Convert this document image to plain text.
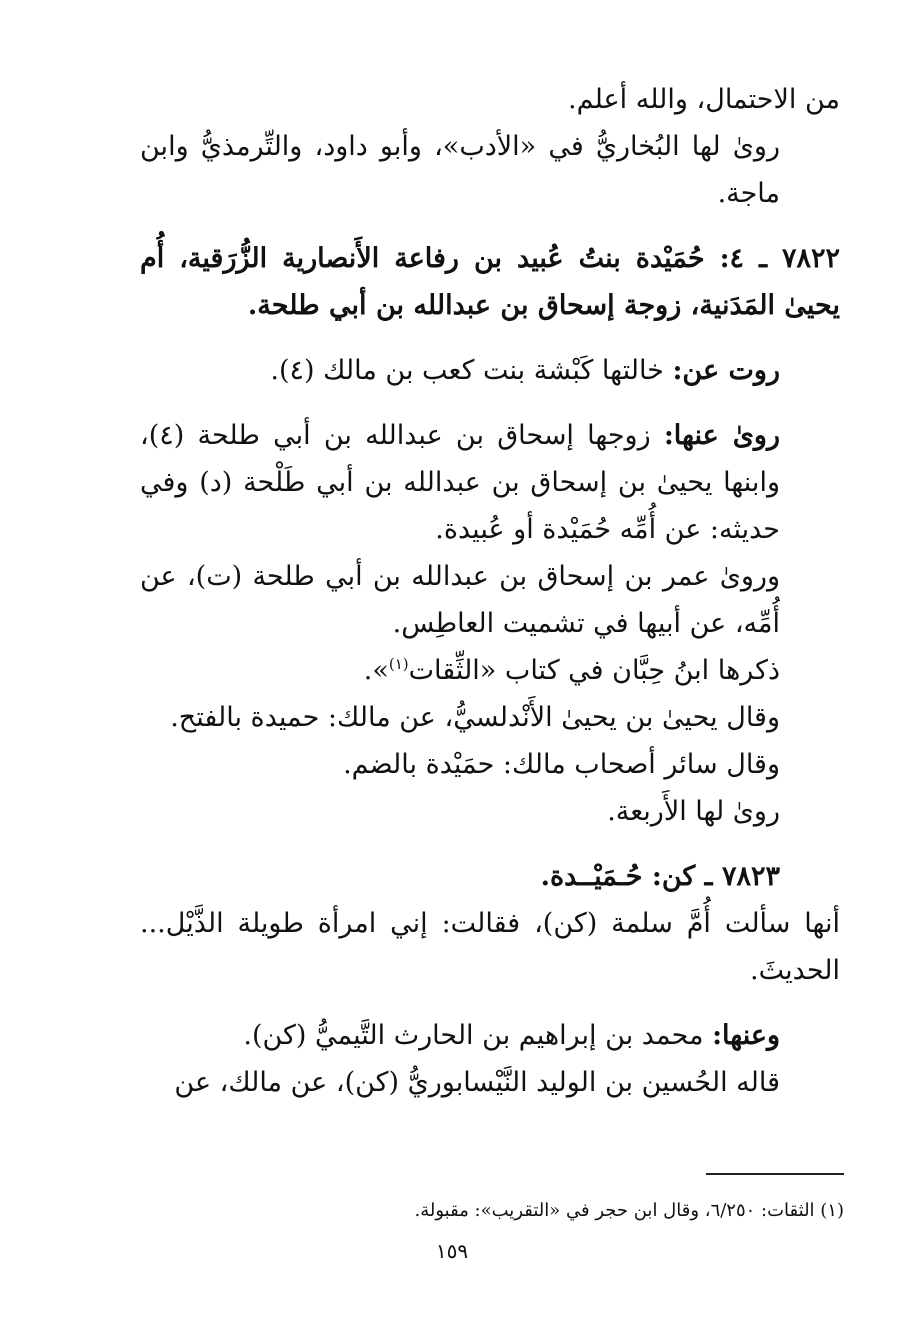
من الاحتمال، والله أعلم.

روىٰ لها البُخاريُّ في «الأدب»، وأبو داود، والتِّرمذيُّ وابن ماجة.

٧٨٢٢ ـ ٤: حُمَيْدة بنتُ عُبيد بن رفاعة الأَنصارية الزُّرَقية، أُم يحيىٰ المَدَنية، زوجة إسحاق بن عبدالله بن أبي طلحة.

روت عن: خالتها كَبْشة بنت كعب بن مالك (٤).

روىٰ عنها: زوجها إسحاق بن عبدالله بن أبي طلحة (٤)، وابنها يحيىٰ بن إسحاق بن عبدالله بن أبي طَلْحة (د) وفي حديثه: عن أُمِّه حُمَيْدة أو عُبيدة.

وروىٰ عمر بن إسحاق بن عبدالله بن أبي طلحة (ت)، عن أُمِّه، عن أبيها في تشميت العاطِس.

ذكرها ابنُ حِبَّان في كتاب «الثِّقات$^{(١)}$».

وقال يحيىٰ بن يحيىٰ الأَنْدلسيُّ، عن مالك: حميدة بالفتح.

وقال سائر أصحاب مالك: حمَيْدة بالضم.

روىٰ لها الأَربعة.

٧٨٢٣ ـ كن: حُـمَيْــدة.

أنها سألت أُمَّ سلمة (كن)، فقالت: إني امرأة طويلة الذَّيْل... الحديثَ.

وعنها: محمد بن إبراهيم بن الحارث التَّيميُّ (كن).

قاله الحُسين بن الوليد النَّيْسابوريُّ (كن)، عن مالك، عن

(١) الثقات: ٦/٢٥٠، وقال ابن حجر في «التقريب»: مقبولة.
١٥٩
